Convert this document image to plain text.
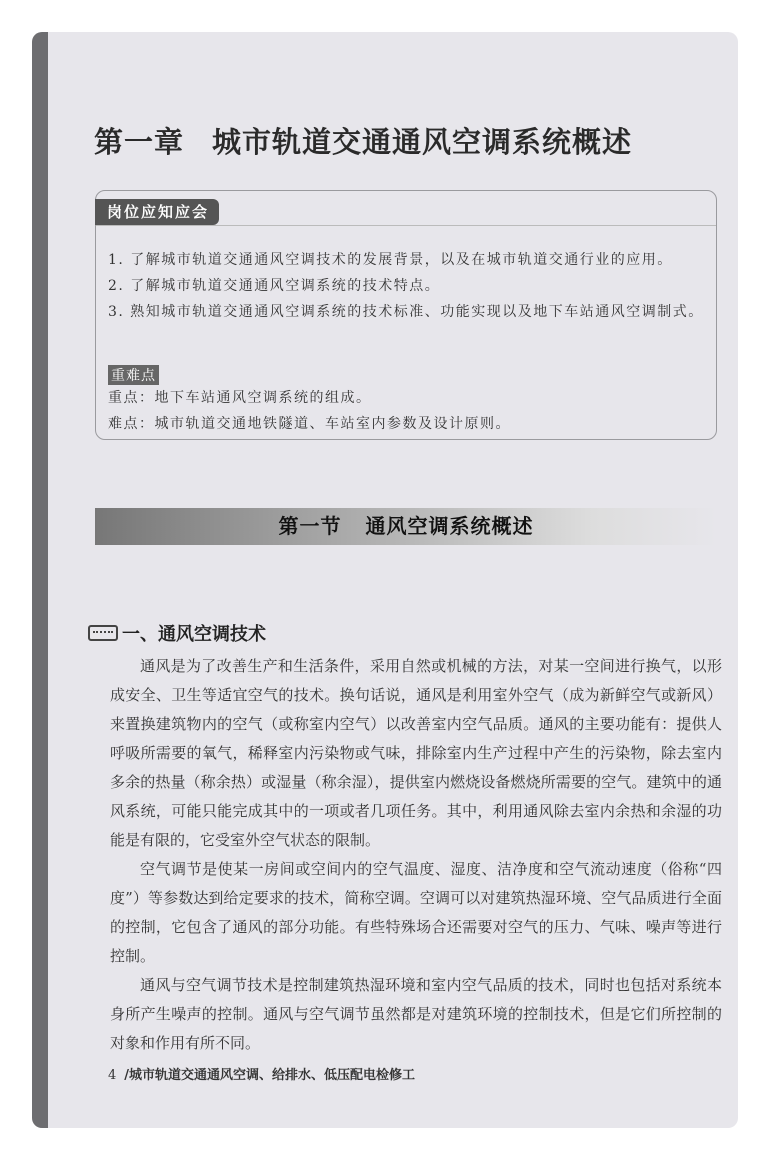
第一章 城市轨道交通通风空调系统概述
岗位应知应会
1. 了解城市轨道交通通风空调技术的发展背景，以及在城市轨道交通行业的应用。
2. 了解城市轨道交通通风空调系统的技术特点。
3. 熟知城市轨道交通通风空调系统的技术标准、功能实现以及地下车站通风空调制式。
重难点
重点：地下车站通风空调系统的组成。
难点：城市轨道交通地铁隧道、车站室内参数及设计原则。
第一节 通风空调系统概述
一、通风空调技术

通风是为了改善生产和生活条件，采用自然或机械的方法，对某一空间进行换气，以形成安全、卫生等适宜空气的技术。换句话说，通风是利用室外空气（成为新鲜空气或新风）来置换建筑物内的空气（或称室内空气）以改善室内空气品质。通风的主要功能有：提供人呼吸所需要的氧气，稀释室内污染物或气味，排除室内生产过程中产生的污染物，除去室内多余的热量（称余热）或湿量（称余湿），提供室内燃烧设备燃烧所需要的空气。建筑中的通风系统，可能只能完成其中的一项或者几项任务。其中，利用通风除去室内余热和余湿的功能是有限的，它受室外空气状态的限制。

空气调节是使某一房间或空间内的空气温度、湿度、洁净度和空气流动速度（俗称“四度”）等参数达到给定要求的技术，简称空调。空调可以对建筑热湿环境、空气品质进行全面的控制，它包含了通风的部分功能。有些特殊场合还需要对空气的压力、气味、噪声等进行控制。

通风与空气调节技术是控制建筑热湿环境和室内空气品质的技术，同时也包括对系统本身所产生噪声的控制。通风与空气调节虽然都是对建筑环境的控制技术，但是它们所控制的对象和作用有所不同。

4 /城市轨道交通通风空调、给排水、低压配电检修工
